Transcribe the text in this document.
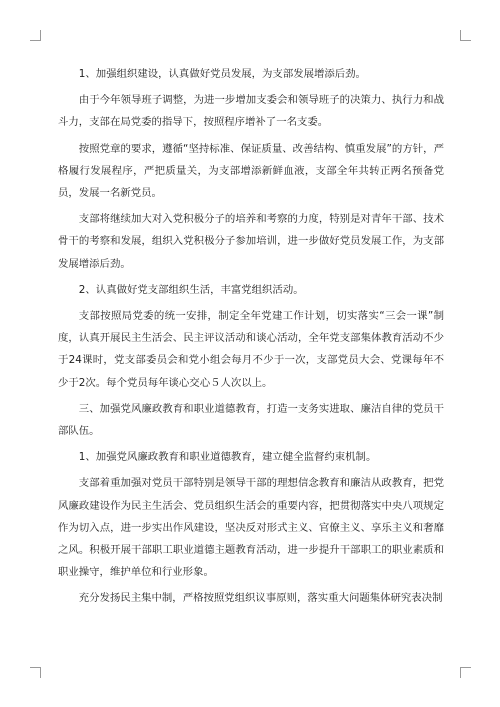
1、加强组织建设，认真做好党员发展，为支部发展增添后劲。

由于今年领导班子调整，为进一步增加支委会和领导班子的决策力、执行力和战斗力，支部在局党委的指导下，按照程序增补了一名支委。

按照党章的要求，遵循“坚持标准、保证质量、改善结构、慎重发展”的方针，严格履行发展程序，严把质量关，为支部增添新鲜血液，支部全年共转正两名预备党员，发展一名新党员。

支部将继续加大对入党积极分子的培养和考察的力度，特别是对青年干部、技术骨干的考察和发展，组织入党积极分子参加培训，进一步做好党员发展工作，为支部发展增添后劲。

2、认真做好党支部组织生活，丰富党组织活动。

支部按照局党委的统一安排，制定全年党建工作计划，切实落实“三会一课”制度，认真开展民主生活会、民主评议活动和谈心活动，全年党支部集体教育活动不少于24课时，党支部委员会和党小组会每月不少于一次，支部党员大会、党课每年不少于2次。每个党员每年谈心交心５人次以上。

三、加强党风廉政教育和职业道德教育，打造一支务实进取、廉洁自律的党员干部队伍。

1、加强党风廉政教育和职业道德教育，建立健全监督约束机制。

支部着重加强对党员干部特别是领导干部的理想信念教育和廉洁从政教育，把党风廉政建设作为民主生活会、党员组织生活会的重要内容，把贯彻落实中央八项规定作为切入点，进一步实出作风建设，坚决反对形式主义、官僚主义、享乐主义和奢靡之风。积极开展干部职工职业道德主题教育活动，进一步提升干部职工的职业素质和职业操守，维护单位和行业形象。

充分发扬民主集中制，严格按照党组织议事原则，落实重大问题集体研究表决制
